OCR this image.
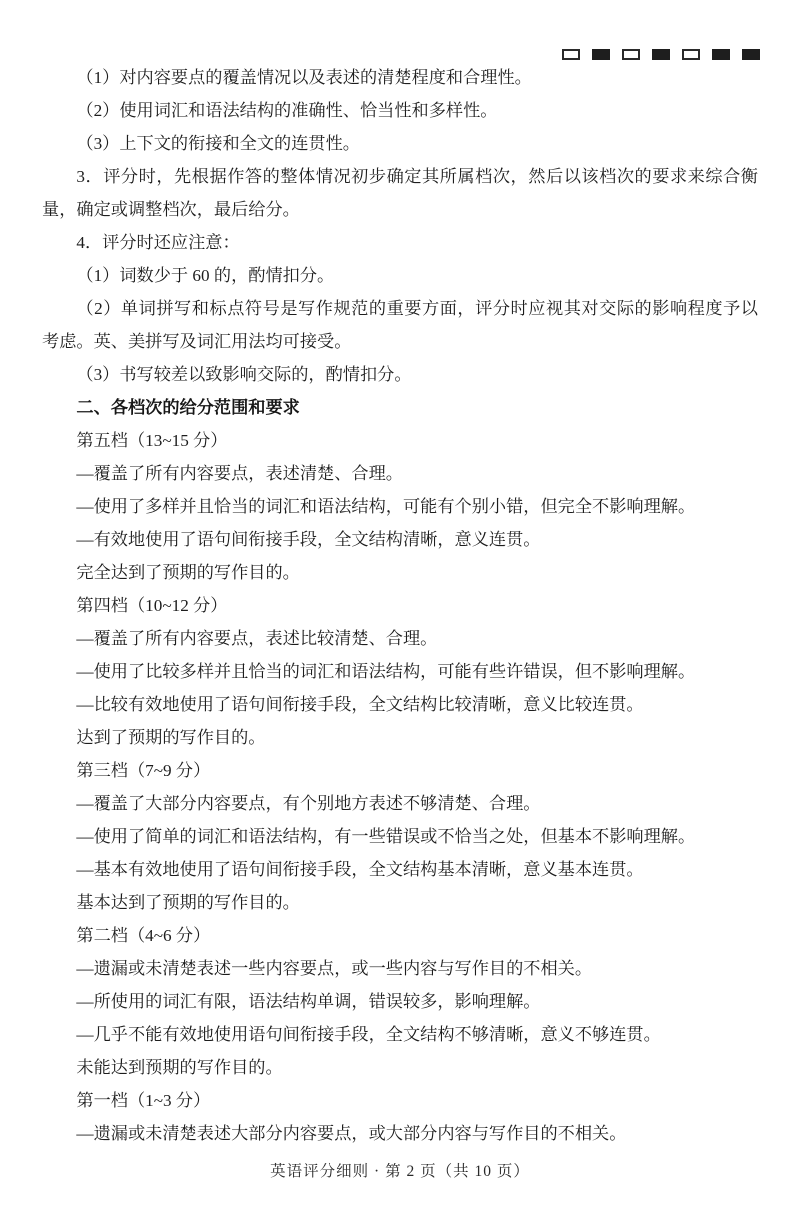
（1）对内容要点的覆盖情况以及表述的清楚程度和合理性。
（2）使用词汇和语法结构的准确性、恰当性和多样性。
（3）上下文的衔接和全文的连贯性。
3．评分时，先根据作答的整体情况初步确定其所属档次，然后以该档次的要求来综合衡
量，确定或调整档次，最后给分。
4．评分时还应注意：
（1）词数少于 60 的，酌情扣分。
（2）单词拼写和标点符号是写作规范的重要方面，评分时应视其对交际的影响程度予以
考虑。英、美拼写及词汇用法均可接受。
（3）书写较差以致影响交际的，酌情扣分。
二、各档次的给分范围和要求
第五档（13~15 分）
—覆盖了所有内容要点，表述清楚、合理。
—使用了多样并且恰当的词汇和语法结构，可能有个别小错，但完全不影响理解。
—有效地使用了语句间衔接手段，全文结构清晰，意义连贯。
完全达到了预期的写作目的。
第四档（10~12 分）
—覆盖了所有内容要点，表述比较清楚、合理。
—使用了比较多样并且恰当的词汇和语法结构，可能有些许错误，但不影响理解。
—比较有效地使用了语句间衔接手段，全文结构比较清晰，意义比较连贯。
达到了预期的写作目的。
第三档（7~9 分）
—覆盖了大部分内容要点，有个别地方表述不够清楚、合理。
—使用了简单的词汇和语法结构，有一些错误或不恰当之处，但基本不影响理解。
—基本有效地使用了语句间衔接手段，全文结构基本清晰，意义基本连贯。
基本达到了预期的写作目的。
第二档（4~6 分）
—遗漏或未清楚表述一些内容要点，或一些内容与写作目的不相关。
—所使用的词汇有限，语法结构单调，错误较多，影响理解。
—几乎不能有效地使用语句间衔接手段，全文结构不够清晰，意义不够连贯。
未能达到预期的写作目的。
第一档（1~3 分）
—遗漏或未清楚表述大部分内容要点，或大部分内容与写作目的不相关。
英语评分细则 · 第 2 页（共 10 页）
